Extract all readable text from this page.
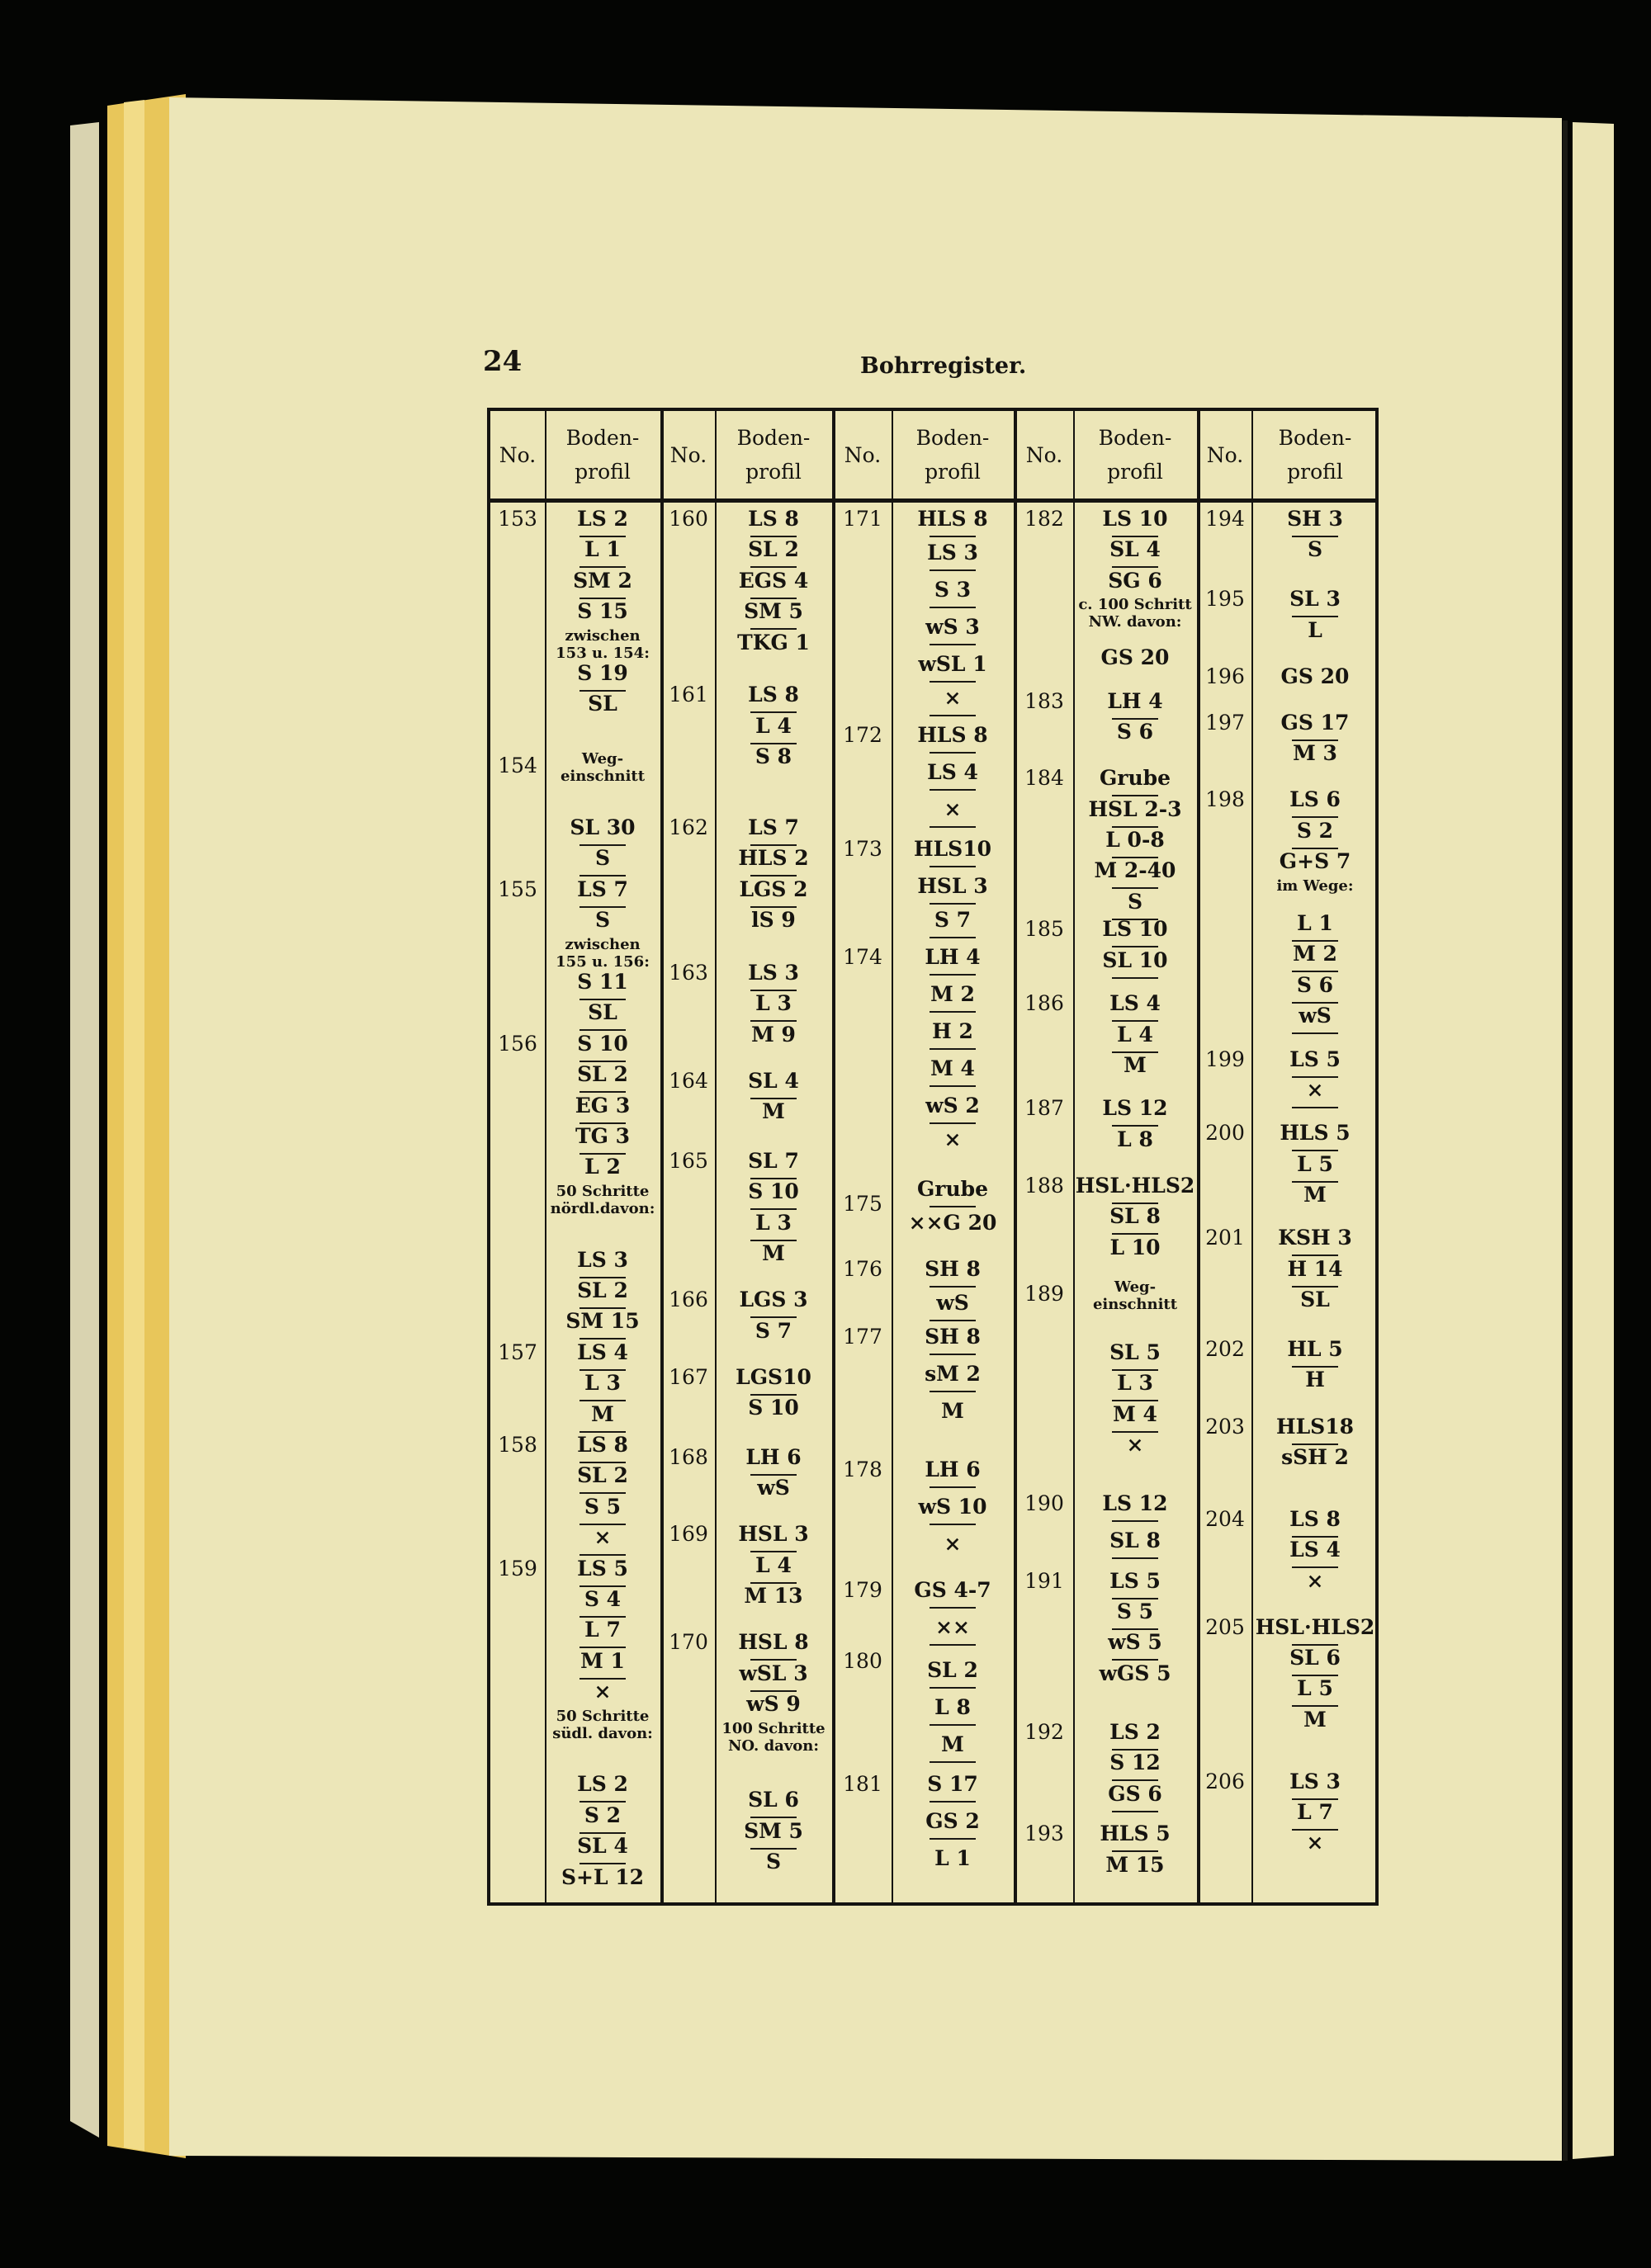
24	Bohrregister.
No.
Boden-
profil
153
154
155
156
157
158
159
LS 2
L 1
SM 2
S 15
zwischen
153 u. 154:
S 19
SL
Weg-
einschnitt
SL 30
S
LS 7
S
zwischen
155 u. 156:
S 11
SL
S 10
SL 2
EG 3
TG 3
L 2
50 Schritte
nördl.davon:
LS 3
SL 2
SM 15
LS 4
L 3
M
LS 8
SL 2
S 5
×
LS 5
S 4
L 7
M 1
×
50 Schritte
südl. davon:
LS 2
S 2
SL 4
S+L 12
No.
Boden-
profil
160
161
162
163
164
165
166
167
168
169
170
LS 8
SL 2
EGS 4
SM 5
TKG 1
LS 8
L 4
S 8
LS 7
HLS 2
LGS 2
lS 9
LS 3
L 3
M 9
SL 4
M
SL 7
S 10
L 3
M
LGS 3
S 7
LGS10
S 10
LH 6
wS
HSL 3
L 4
M 13
HSL 8
wSL 3
wS 9
100 Schritte
NO. davon:
SL 6
SM 5
S
No.
Boden-
profil
171
172
173
174
175
176
177
178
179
180
181
HLS 8
LS 3
S 3
wS 3
wSL 1
×
HLS 8
LS 4
×
HLS10
HSL 3
S 7
LH 4
M 2
H 2
M 4
wS 2
×
Grube
××G 20
SH 8
wS
SH 8
sM 2
M
LH 6
wS 10
×
GS 4-7
××
SL 2
L 8
M
S 17
GS 2
L 1
No.
Boden-
profil
182
183
184
185
186
187
188
189
190
191
192
193
LS 10
SL 4
SG 6
c. 100 Schritt
NW. davon:
GS 20
LH 4
S 6
Grube
HSL 2-3
L 0-8
M 2-40
S
LS 10
SL 10
LS 4
L 4
M
LS 12
L 8
HSL·HLS2
SL 8
L 10
Weg-
einschnitt
SL 5
L 3
M 4
×
LS 12
SL 8
LS 5
S 5
wS 5
wGS 5
LS 2
S 12
GS 6
HLS 5
M 15
No.
Boden-
profil
194
195
196
197
198
199
200
201
202
203
204
205
206
SH 3
S
SL 3
L
GS 20
GS 17
M 3
LS 6
S 2
G+S 7
im Wege:
L 1
M 2
S 6
wS
LS 5
×
HLS 5
L 5
M
KSH 3
H 14
SL
HL 5
H
HLS18
sSH 2
LS 8
LS 4
×
HSL·HLS2
SL 6
L 5
M
LS 3
L 7
×
